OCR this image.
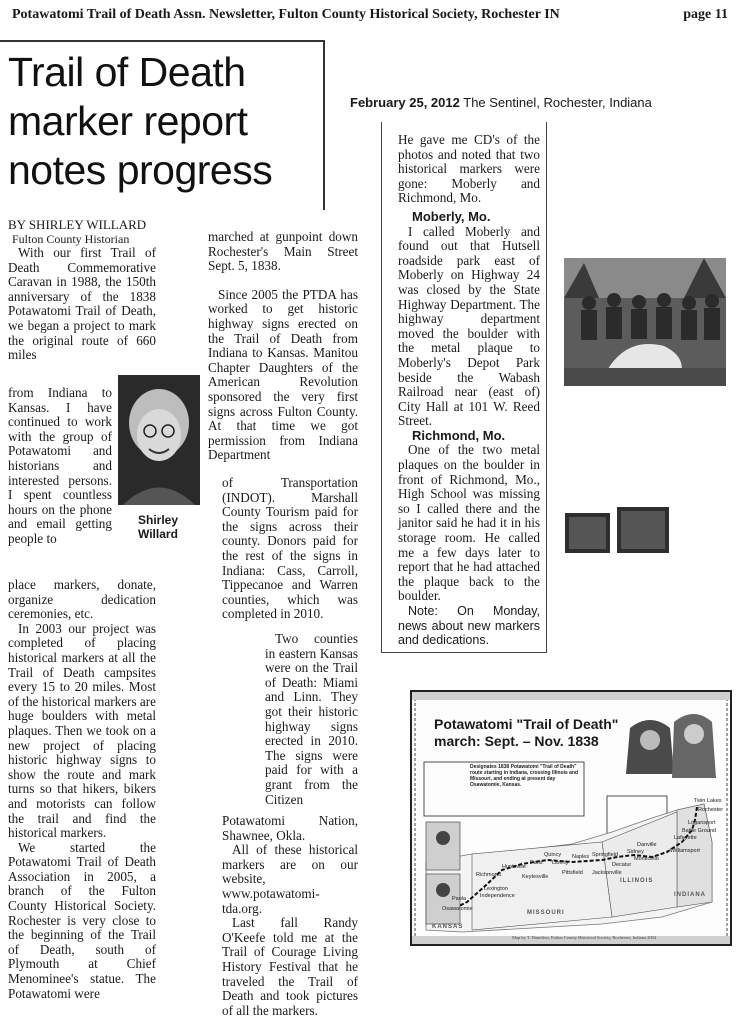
Potawatomi Trail of Death Assn. Newsletter, Fulton County Historical Society, Rochester IN	page 11
Trail of Death marker report notes progress
February 25, 2012 The Sentinel, Rochester, Indiana
BY SHIRLEY WILLARD
Fulton County Historian

With our first Trail of Death Commemorative Caravan in 1988, the 150th anniversary of the 1838 Potawatomi Trail of Death, we began a project to mark the original route of 660 miles

from Indiana to Kansas. I have continued to work with the group of Potawatomi and historians and interested persons. I spent countless hours on the phone and email getting people to

place markers, donate, organize dedication ceremonies, etc.

In 2003 our project was completed of placing historical markers at all the Trail of Death campsites every 15 to 20 miles. Most of the historical markers are huge boulders with metal plaques. Then we took on a new project of placing historic highway signs to show the route and mark turns so that hikers, bikers and motorists can follow the trail and find the historical markers.

We started the Potawatomi Trail of Death Association in 2005, a branch of the Fulton County Historical Society. Rochester is very close to the beginning of the Trail of Death, south of Plymouth at Chief Menominee's statue. The Potawatomi were

Shirley
Willard

marched at gunpoint down Rochester's Main Street Sept. 5, 1838.

Since 2005 the PTDA has worked to get historic highway signs erected on the Trail of Death from Indiana to Kansas. Manitou Chapter Daughters of the American Revolution sponsored the very first signs across Fulton County. At that time we got permission from Indiana Department

of Transportation (INDOT). Marshall County Tourism paid for the signs across their county. Donors paid for the rest of the signs in Indiana: Cass, Carroll, Tippecanoe and Warren counties, which was completed in 2010.

Two counties in eastern Kansas were on the Trail of Death: Miami and Linn. They got their historic highway signs erected in 2010. The signs were paid for with a grant from the Citizen

Potawatomi Nation, Shawnee, Okla.

All of these historical markers are on our website, www.potawatomi-tda.org.

Last fall Randy O'Keefe told me at the Trail of Courage Living History Festival that he traveled the Trail of Death and took pictures of all the markers.

He gave me CD's of the photos and noted that two historical markers were gone: Moberly and Richmond, Mo.

Moberly, Mo.

I called Moberly and found out that Hutsell roadside park east of Moberly on Highway 24 was closed by the State Highway Department. The highway department moved the boulder with the metal plaque to Moberly's Depot Park beside the Wabash Railroad near (east of) City Hall at 101 W. Reed Street.

Richmond, Mo.

One of the two metal plaques on the boulder in front of Richmond, Mo., High School was missing so I called there and the janitor said he had it in his storage room. He called me a few days later to report that he had attached the plaque back to the boulder.

Note: On Monday, news about new markers and dedications.

Potawatomi "Trail of Death"
march: Sept. – Nov. 1838
Designates 1838 Potawatomi "Trail of Death" route starting in Indiana, crossing Illinois and Missouri, and ending at present day Osawatomie, Kansas.
INDIANA
ILLINOIS
MISSOURI
KANSAS
Twin Lakes
Rochester
Logansport
Battle Ground
Lafayette
Williamsport
Danville
Sidney
Monticello
Decatur
Springfield
Naples
Quincy
Paris
Huntsville
Keytesville
Richmond
Lexington
Independence
Paola
Osawatomie
Pittsfield Jacksonville
Liberty
Map by T. Hamilton, Fulton County Historical Society, Rochester, Indiana 2004
